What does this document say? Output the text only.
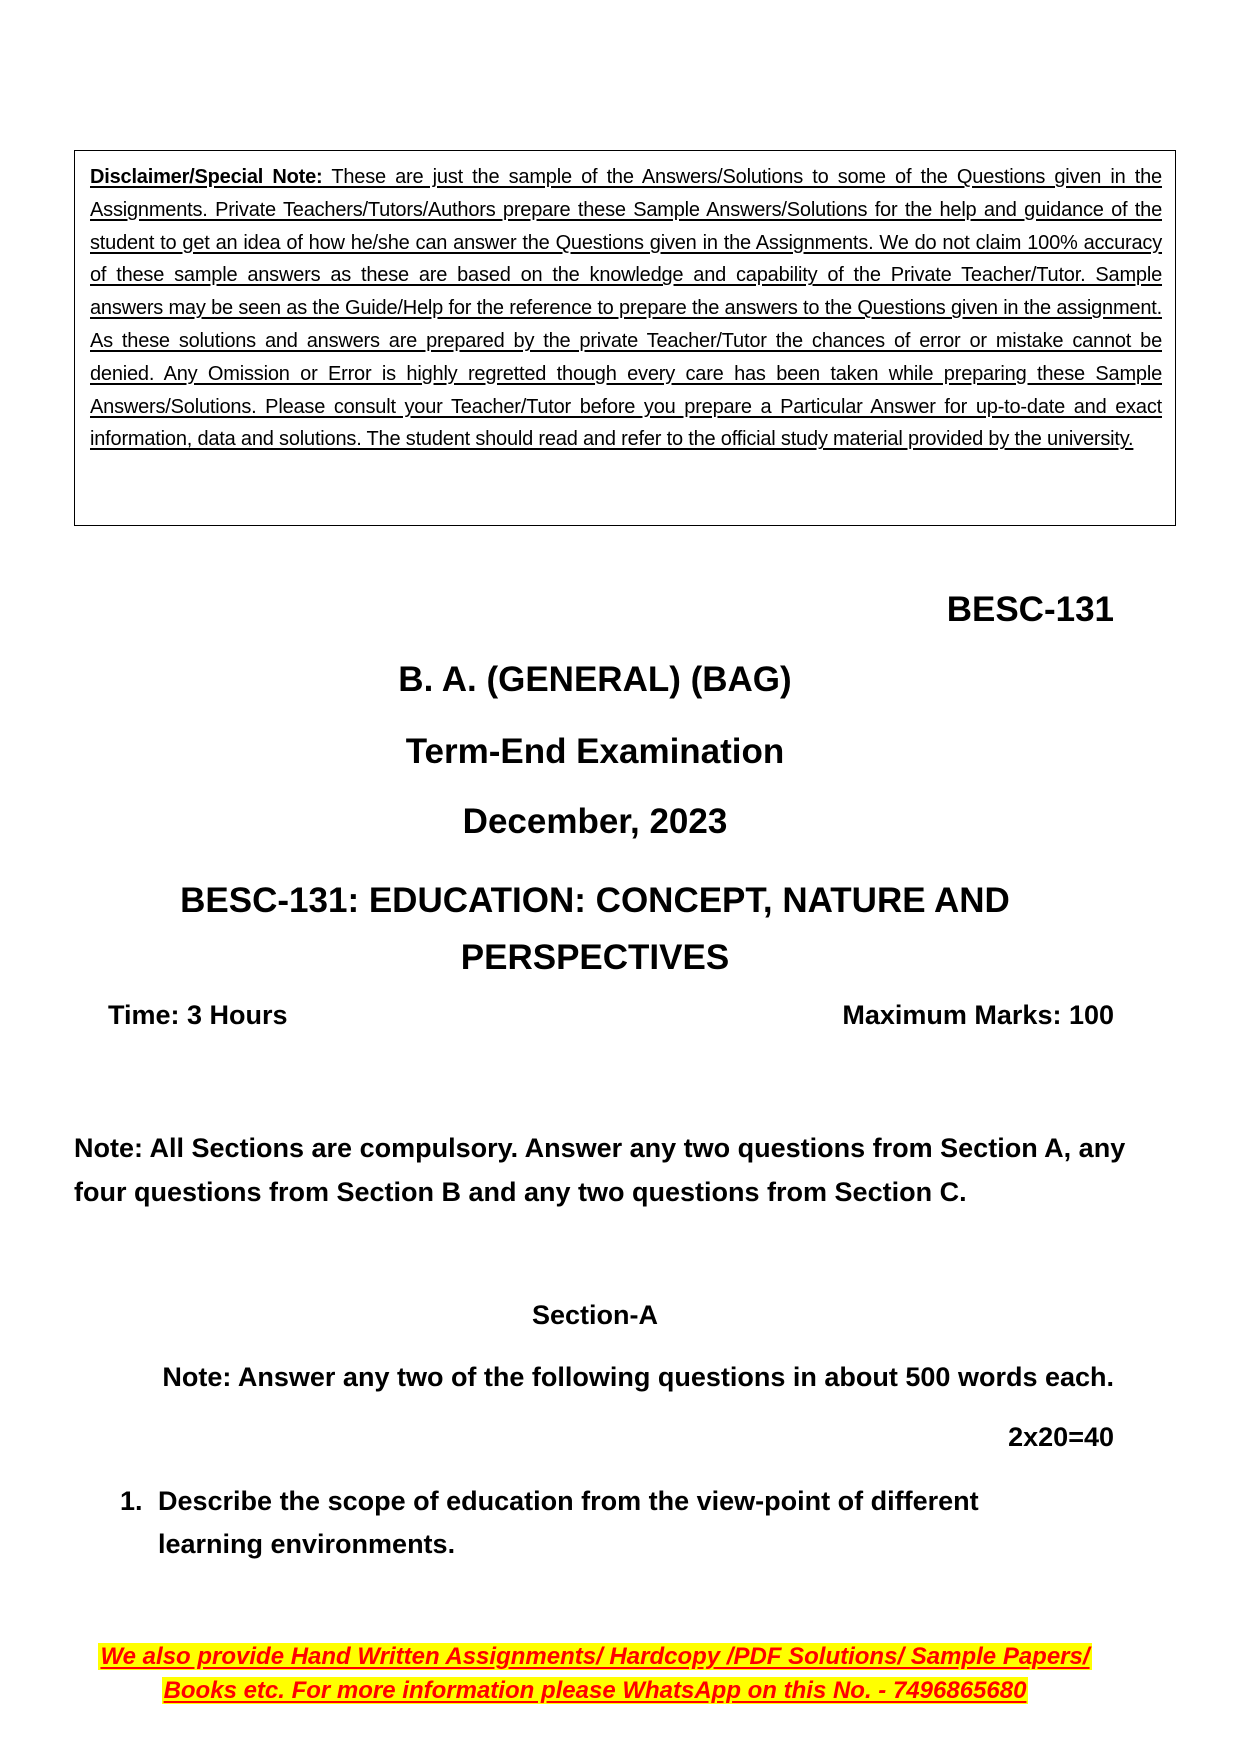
Disclaimer/Special Note: These are just the sample of the Answers/Solutions to some of the Questions given in the Assignments. Private Teachers/Tutors/Authors prepare these Sample Answers/Solutions for the help and guidance of the student to get an idea of how he/she can answer the Questions given in the Assignments. We do not claim 100% accuracy of these sample answers as these are based on the knowledge and capability of the Private Teacher/Tutor. Sample answers may be seen as the Guide/Help for the reference to prepare the answers to the Questions given in the assignment. As these solutions and answers are prepared by the private Teacher/Tutor the chances of error or mistake cannot be denied. Any Omission or Error is highly regretted though every care has been taken while preparing these Sample Answers/Solutions. Please consult your Teacher/Tutor before you prepare a Particular Answer for up-to-date and exact information, data and solutions. The student should read and refer to the official study material provided by the university.

BESC-131
B. A. (GENERAL) (BAG)
Term-End Examination
December, 2023
BESC-131: EDUCATION: CONCEPT, NATURE AND PERSPECTIVES
Time: 3 Hours	Maximum Marks: 100
Note: All Sections are compulsory. Answer any two questions from Section A, any four questions from Section B and any two questions from Section C.
Section-A
Note: Answer any two of the following questions in about 500 words each.
2x20=40
1. Describe the scope of education from the view-point of different learning environments.
We also provide Hand Written Assignments/ Hardcopy /PDF Solutions/ Sample Papers/
Books etc. For more information please WhatsApp on this No. - 7496865680
